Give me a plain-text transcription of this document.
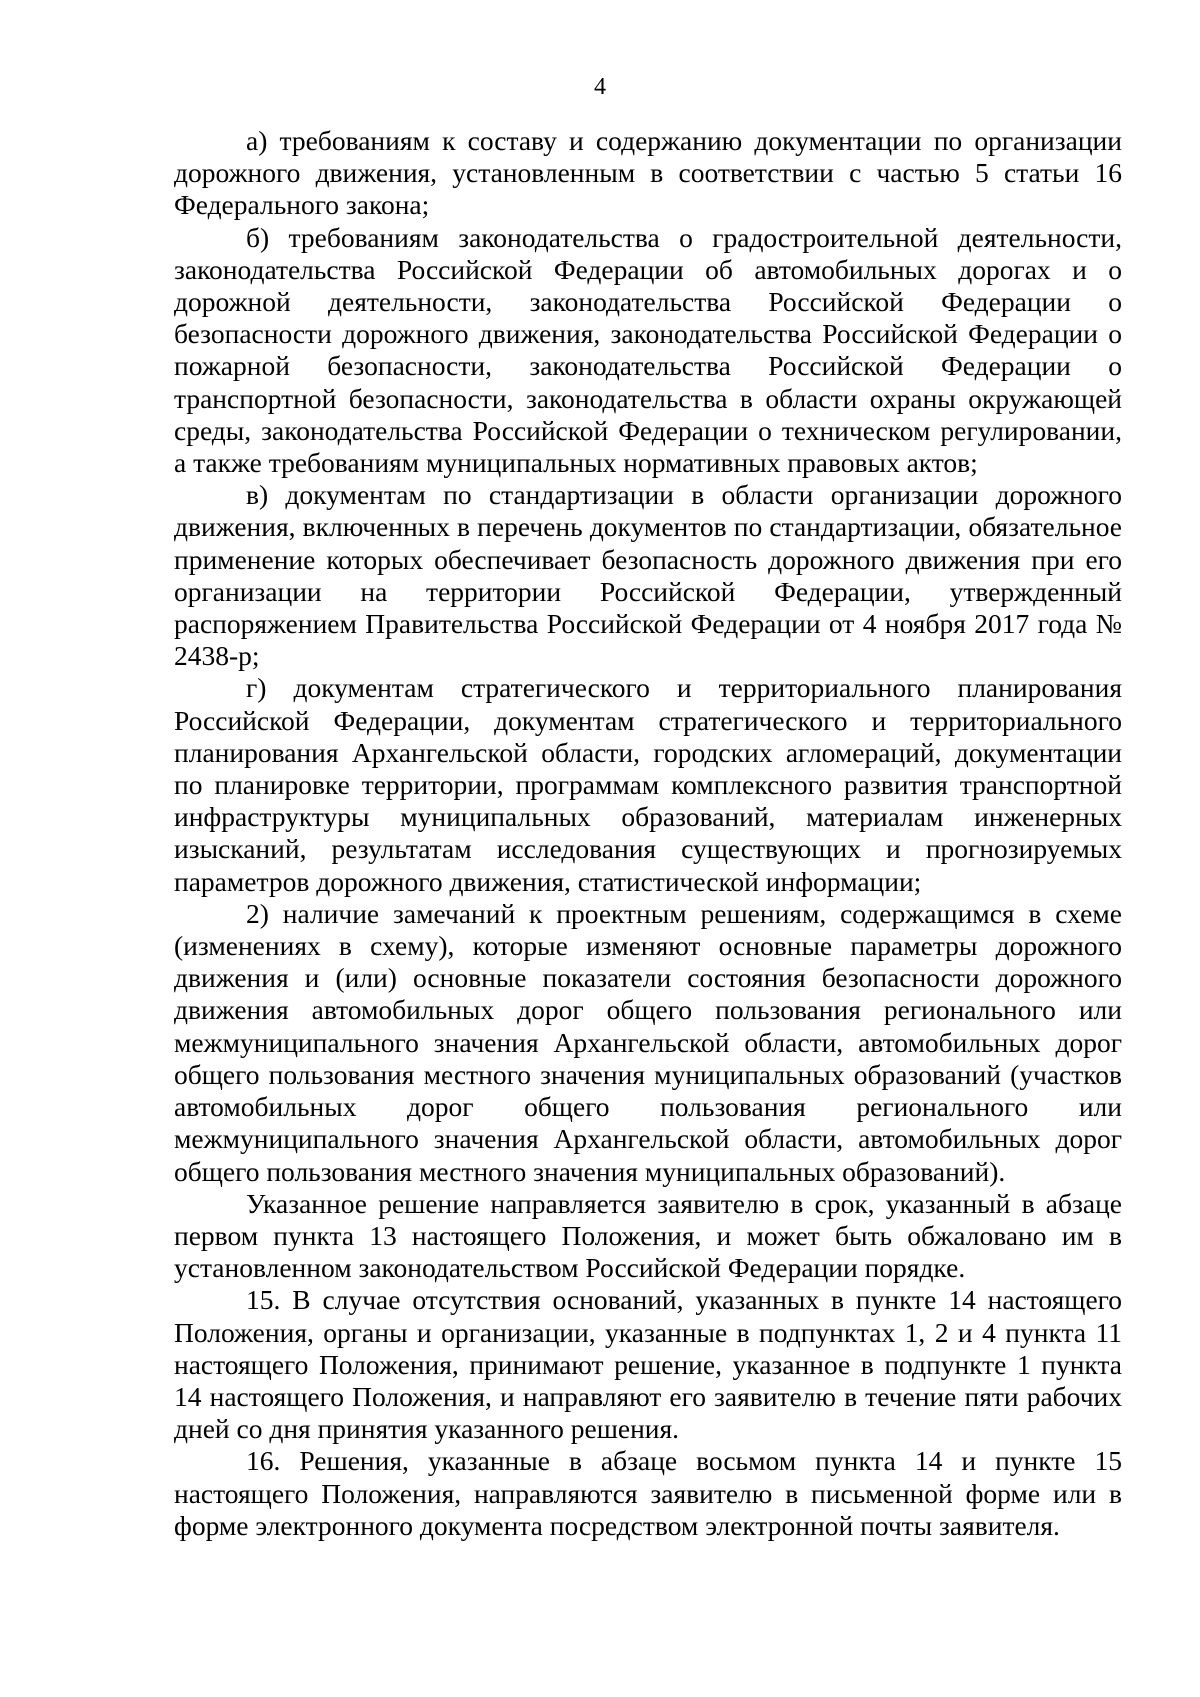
4

а) требованиям к составу и содержанию документации по организации дорожного движения, установленным в соответствии с частью 5 статьи 16 Федерального закона;

б) требованиям законодательства о градостроительной деятельности, законодательства Российской Федерации об автомобильных дорогах и о дорожной деятельности, законодательства Российской Федерации о безопасности дорожного движения, законодательства Российской Федерации о пожарной безопасности, законодательства Российской Федерации о транспортной безопасности, законодательства в области охраны окружающей среды, законодательства Российской Федерации о техническом регулировании, а также требованиям муниципальных нормативных правовых актов;

в) документам по стандартизации в области организации дорожного движения, включенных в перечень документов по стандартизации, обязательное применение которых обеспечивает безопасность дорожного движения при его организации на территории Российской Федерации, утвержденный распоряжением Правительства Российской Федерации от 4 ноября 2017 года № 2438-р;

г) документам стратегического и территориального планирования Российской Федерации, документам стратегического и территориального планирования Архангельской области, городских агломераций, документации по планировке территории, программам комплексного развития транспортной инфраструктуры муниципальных образований, материалам инженерных изысканий, результатам исследования существующих и прогнозируемых параметров дорожного движения, статистической информации;

2) наличие замечаний к проектным решениям, содержащимся в схеме (изменениях в схему), которые изменяют основные параметры дорожного движения и (или) основные показатели состояния безопасности дорожного движения автомобильных дорог общего пользования регионального или межмуниципального значения Архангельской области, автомобильных дорог общего пользования местного значения муниципальных образований (участков автомобильных дорог общего пользования регионального или межмуниципального значения Архангельской области, автомобильных дорог общего пользования местного значения муниципальных образований).

Указанное решение направляется заявителю в срок, указанный в абзаце первом пункта 13 настоящего Положения, и может быть обжаловано им в установленном законодательством Российской Федерации порядке.

15. В случае отсутствия оснований, указанных в пункте 14 настоящего Положения, органы и организации, указанные в подпунктах 1, 2 и 4 пункта 11 настоящего Положения, принимают решение, указанное в подпункте 1 пункта 14 настоящего Положения, и направляют его заявителю в течение пяти рабочих дней со дня принятия указанного решения.

16. Решения, указанные в абзаце восьмом пункта 14 и пункте 15 настоящего Положения, направляются заявителю в письменной форме или в форме электронного документа посредством электронной почты заявителя.
